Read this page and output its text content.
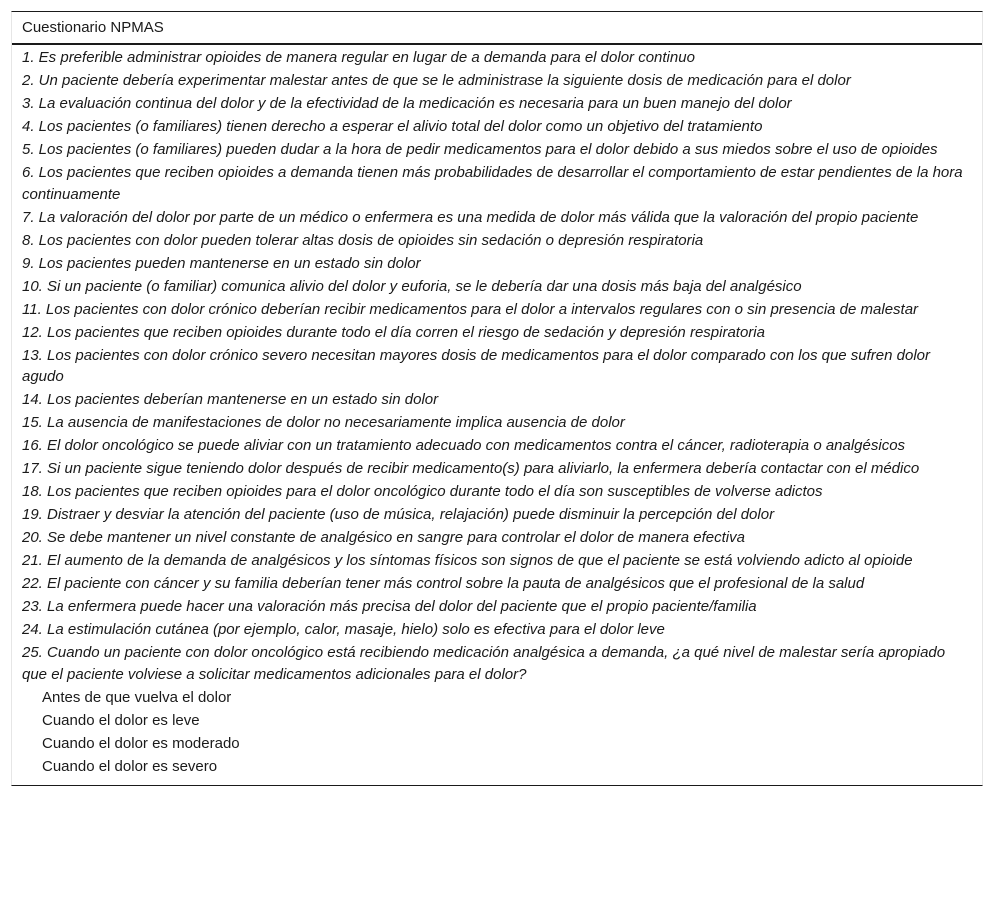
Cuestionario NPMAS
1. Es preferible administrar opioides de manera regular en lugar de a demanda para el dolor continuo
2. Un paciente debería experimentar malestar antes de que se le administrase la siguiente dosis de medicación para el dolor
3. La evaluación continua del dolor y de la efectividad de la medicación es necesaria para un buen manejo del dolor
4. Los pacientes (o familiares) tienen derecho a esperar el alivio total del dolor como un objetivo del tratamiento
5. Los pacientes (o familiares) pueden dudar a la hora de pedir medicamentos para el dolor debido a sus miedos sobre el uso de opioides
6. Los pacientes que reciben opioides a demanda tienen más probabilidades de desarrollar el comportamiento de estar pendientes de la hora continuamente
7. La valoración del dolor por parte de un médico o enfermera es una medida de dolor más válida que la valoración del propio paciente
8. Los pacientes con dolor pueden tolerar altas dosis de opioides sin sedación o depresión respiratoria
9. Los pacientes pueden mantenerse en un estado sin dolor
10. Si un paciente (o familiar) comunica alivio del dolor y euforia, se le debería dar una dosis más baja del analgésico
11. Los pacientes con dolor crónico deberían recibir medicamentos para el dolor a intervalos regulares con o sin presencia de malestar
12. Los pacientes que reciben opioides durante todo el día corren el riesgo de sedación y depresión respiratoria
13. Los pacientes con dolor crónico severo necesitan mayores dosis de medicamentos para el dolor comparado con los que sufren dolor agudo
14. Los pacientes deberían mantenerse en un estado sin dolor
15. La ausencia de manifestaciones de dolor no necesariamente implica ausencia de dolor
16. El dolor oncológico se puede aliviar con un tratamiento adecuado con medicamentos contra el cáncer, radioterapia o analgésicos
17. Si un paciente sigue teniendo dolor después de recibir medicamento(s) para aliviarlo, la enfermera debería contactar con el médico
18. Los pacientes que reciben opioides para el dolor oncológico durante todo el día son susceptibles de volverse adictos
19. Distraer y desviar la atención del paciente (uso de música, relajación) puede disminuir la percepción del dolor
20. Se debe mantener un nivel constante de analgésico en sangre para controlar el dolor de manera efectiva
21. El aumento de la demanda de analgésicos y los síntomas físicos son signos de que el paciente se está volviendo adicto al opioide
22. El paciente con cáncer y su familia deberían tener más control sobre la pauta de analgésicos que el profesional de la salud
23. La enfermera puede hacer una valoración más precisa del dolor del paciente que el propio paciente/familia
24. La estimulación cutánea (por ejemplo, calor, masaje, hielo) solo es efectiva para el dolor leve
25. Cuando un paciente con dolor oncológico está recibiendo medicación analgésica a demanda, ¿a qué nivel de malestar sería apropiado que el paciente volviese a solicitar medicamentos adicionales para el dolor?
Antes de que vuelva el dolor
Cuando el dolor es leve
Cuando el dolor es moderado
Cuando el dolor es severo
